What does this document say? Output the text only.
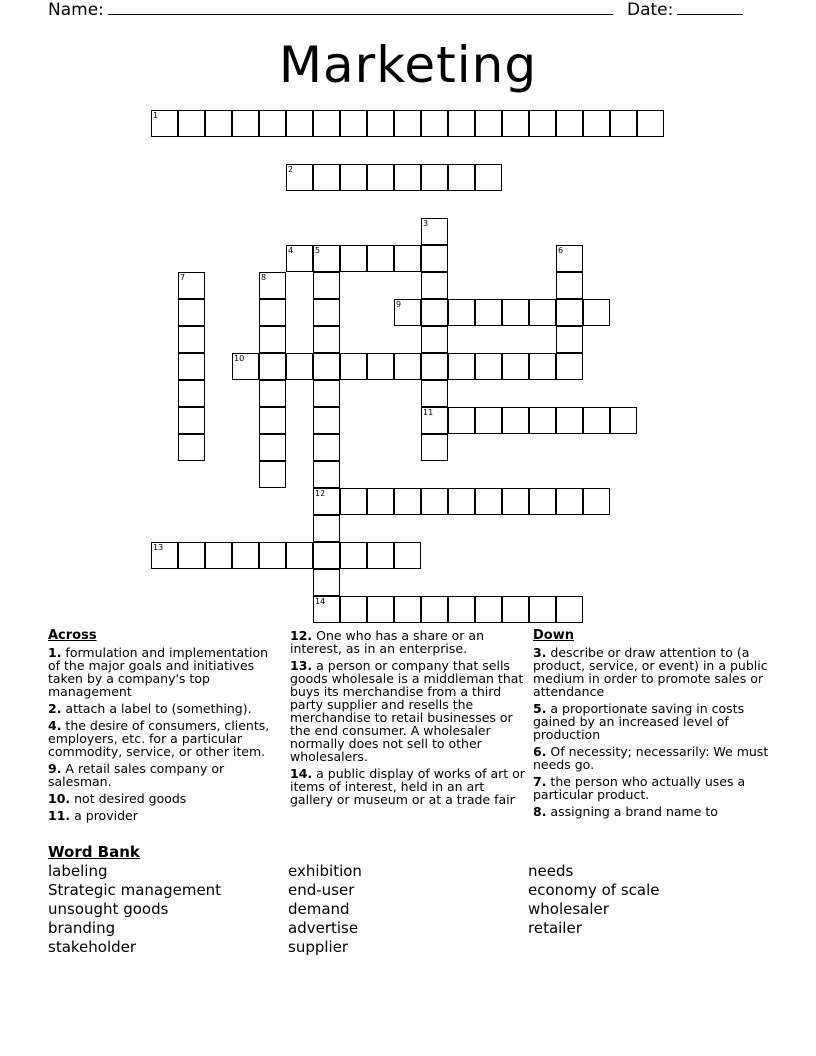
Name:	Date:
Marketing
1
2
3
11
4	5
12
14
6
7	8
9
10
13
Across
1. formulation and implementation of the major goals and initiatives taken by a company's top management
2. attach a label to (something).
4. the desire of consumers, clients, employers, etc. for a particular commodity, service, or other item.
9. A retail sales company or salesman.
10. not desired goods
11. a provider
12. One who has a share or an interest, as in an enterprise.
13. a person or company that sells goods wholesale is a middleman that buys its merchandise from a third party supplier and resells the merchandise to retail businesses or the end consumer. A wholesaler normally does not sell to other wholesalers.
14. a public display of works of art or items of interest, held in an art gallery or museum or at a trade fair
Down
3. describe or draw attention to (a product, service, or event) in a public medium in order to promote sales or attendance
5. a proportionate saving in costs gained by an increased level of production
6. Of necessity; necessarily: We must needs go.
7. the person who actually uses a particular product.
8. assigning a brand name to
Word Bank
labeling
Strategic management
unsought goods
branding
stakeholder
exhibition
end-user
demand
advertise
supplier
needs
economy of scale
wholesaler
retailer
